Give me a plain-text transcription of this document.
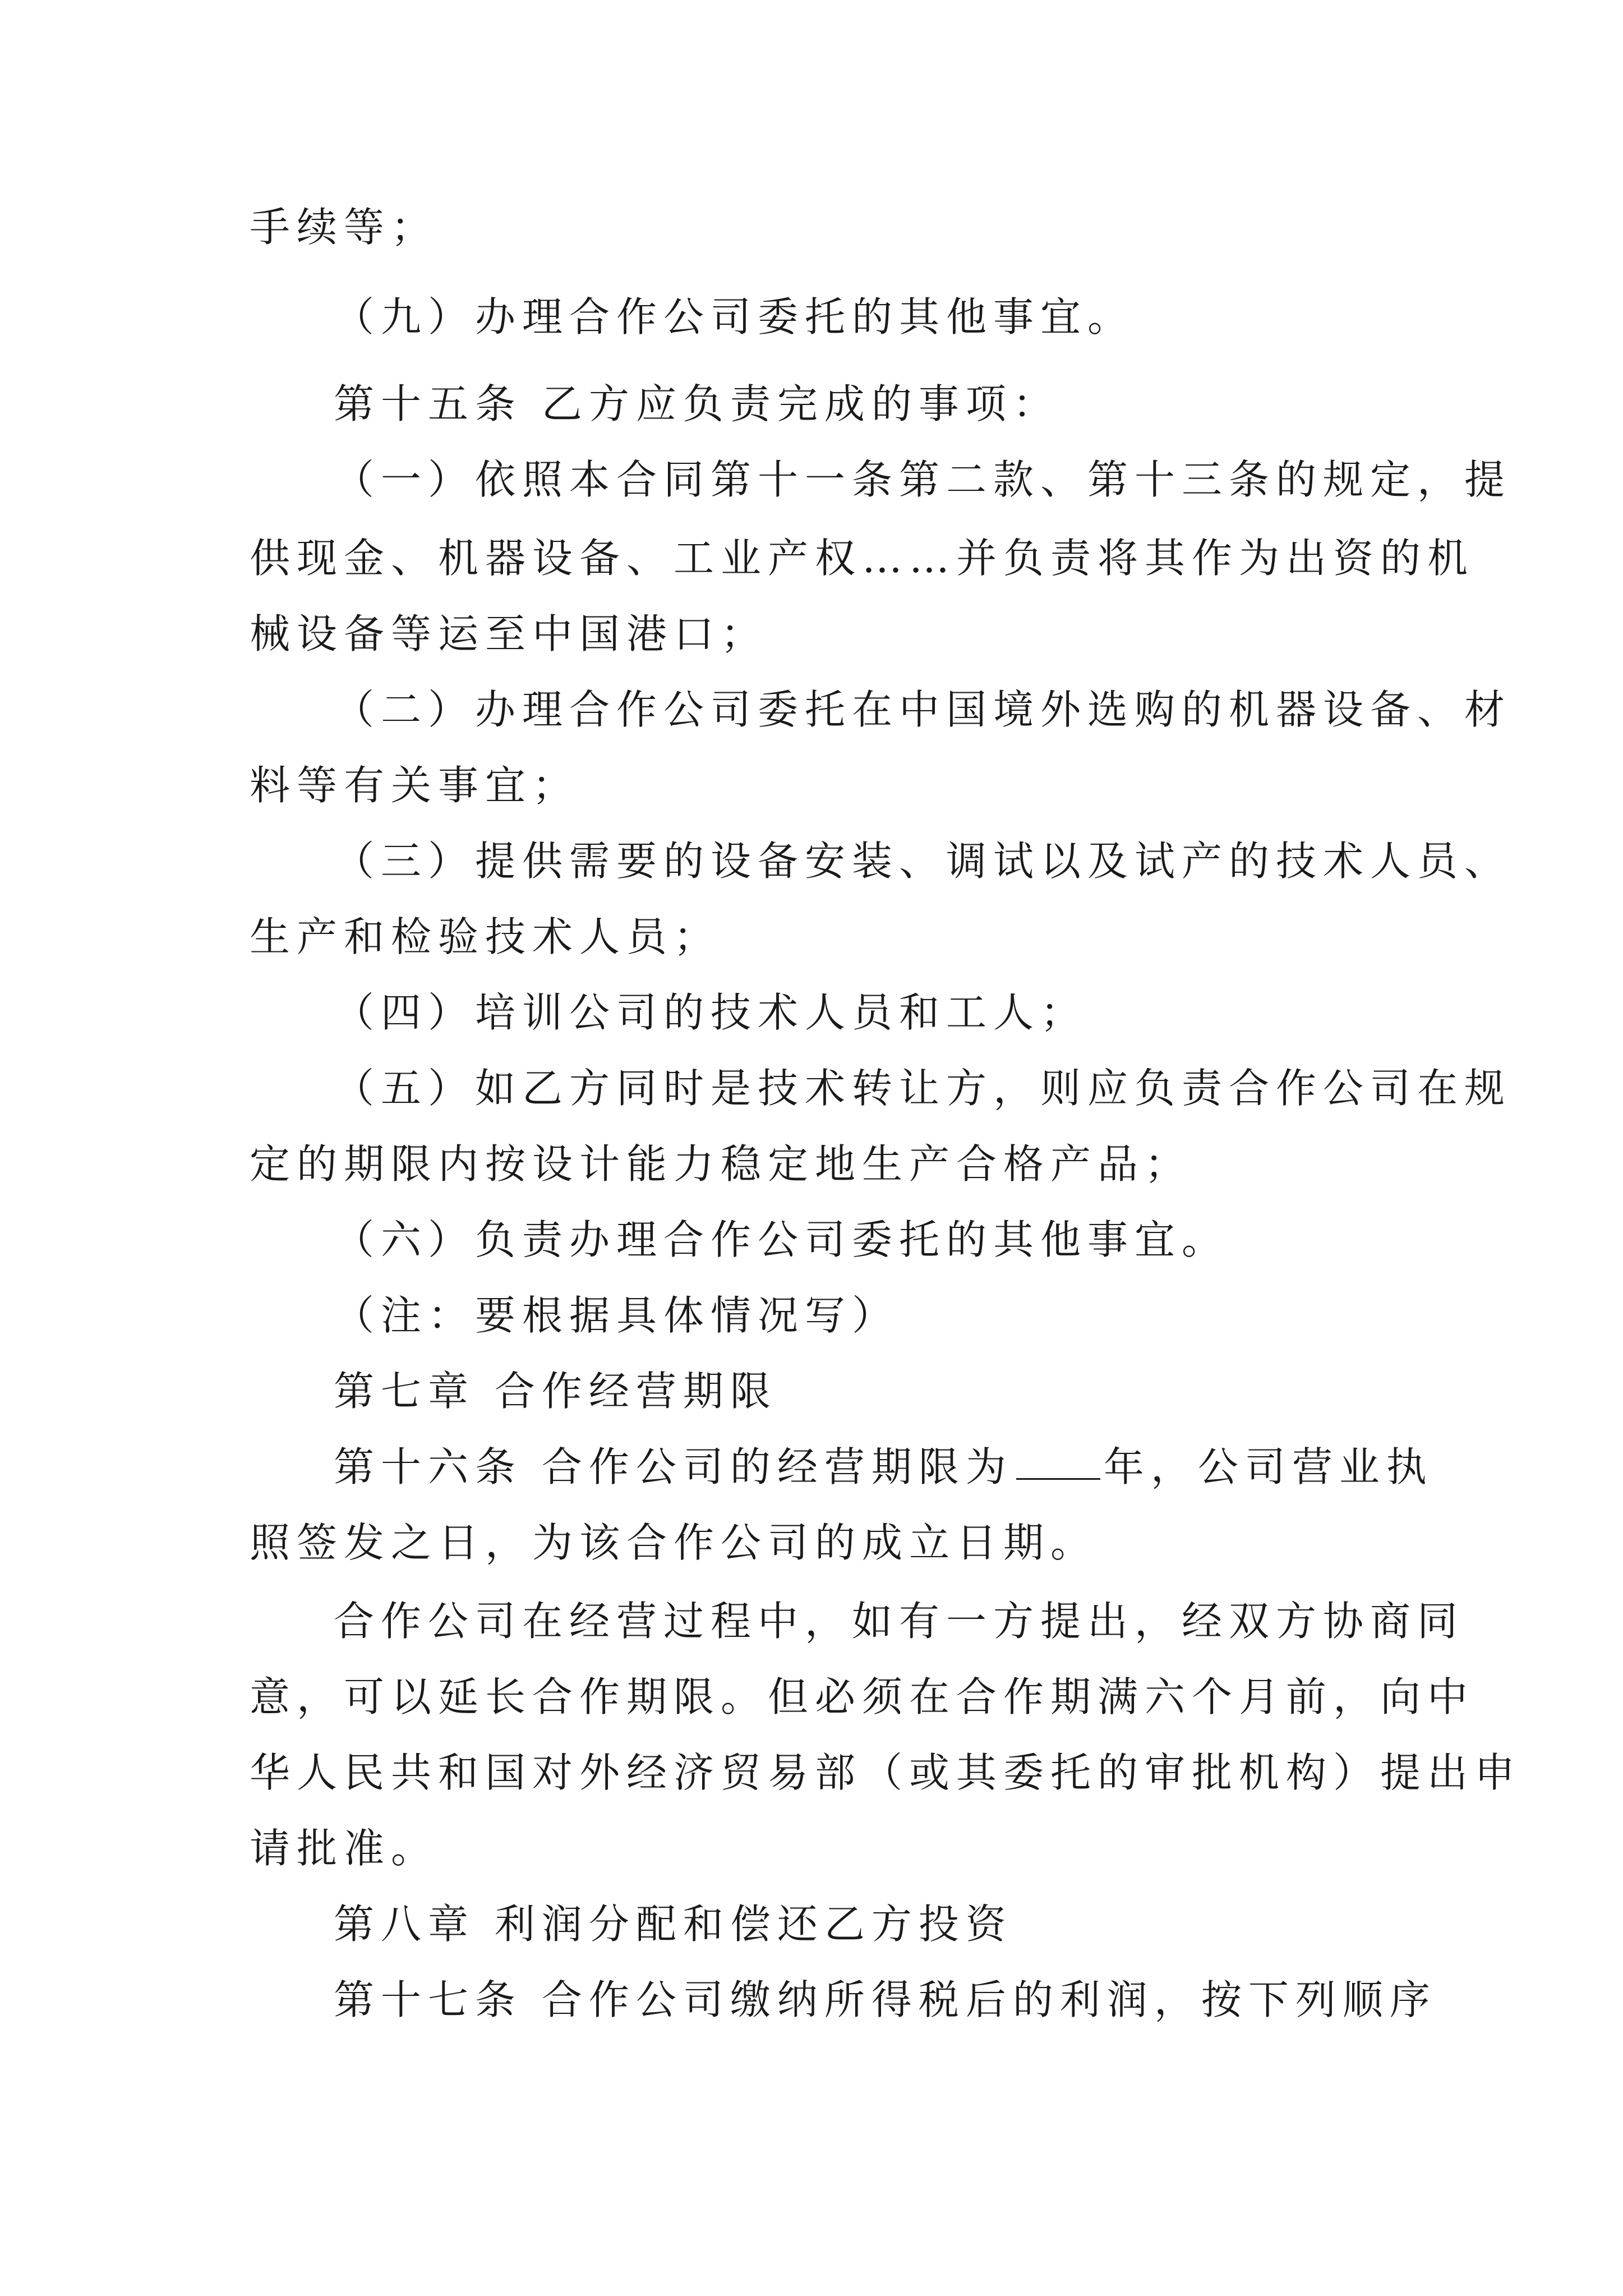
手续等；

（九）办理合作公司委托的其他事宜。

第十五条 乙方应负责完成的事项：

（一）依照本合同第十一条第二款、第十三条的规定，提

供现金、机器设备、工业产权……并负责将其作为出资的机

械设备等运至中国港口；

（二）办理合作公司委托在中国境外选购的机器设备、材

料等有关事宜；

（三）提供需要的设备安装、调试以及试产的技术人员、

生产和检验技术人员；

（四）培训公司的技术人员和工人；

（五）如乙方同时是技术转让方，则应负责合作公司在规

定的期限内按设计能力稳定地生产合格产品；

（六）负责办理合作公司委托的其他事宜。

（注：要根据具体情况写）

第七章 合作经营期限

第十六条 合作公司的经营期限为 年，公司营业执

照签发之日，为该合作公司的成立日期。

合作公司在经营过程中，如有一方提出，经双方协商同

意，可以延长合作期限。但必须在合作期满六个月前，向中

华人民共和国对外经济贸易部（或其委托的审批机构）提出申

请批准。

第八章 利润分配和偿还乙方投资

第十七条 合作公司缴纳所得税后的利润，按下列顺序
